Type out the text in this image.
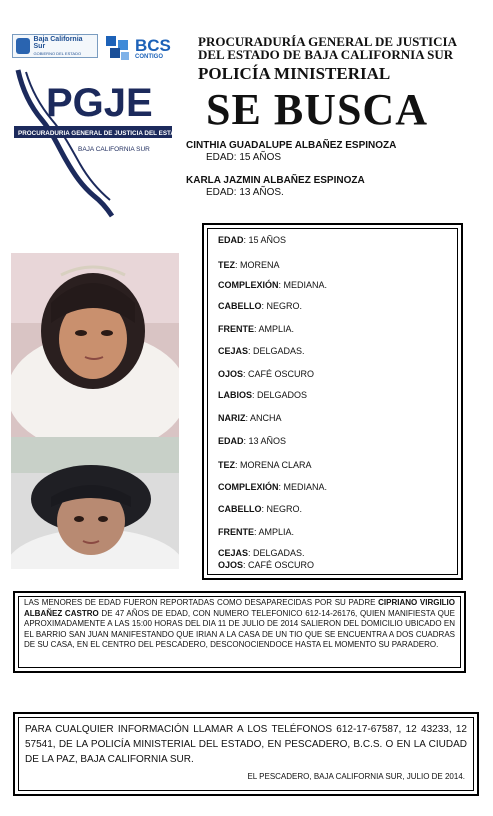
Baja California Sur
GOBIERNO DEL ESTADO	BCS
CONTIGO
PGJE
PROCURADURIA GENERAL DE JUSTICIA DEL ESTADO
BAJA CALIFORNIA SUR
PROCURADURÍA GENERAL DE JUSTICIA
DEL ESTADO DE BAJA CALIFORNIA SUR
POLICÍA MINISTERIAL
SE BUSCA
CINTHIA GUADALUPE ALBAÑEZ ESPINOZA
EDAD: 15 AÑOS
KARLA JAZMIN ALBAÑEZ ESPINOZA
EDAD: 13 AÑOS.
EDAD: 15 AÑOS
TEZ: MORENA
COMPLEXIÓN: MEDIANA.
CABELLO: NEGRO.
FRENTE: AMPLIA.
CEJAS: DELGADAS.
OJOS: CAFÉ OSCURO
LABIOS: DELGADOS
NARIZ: ANCHA
EDAD: 13 AÑOS
TEZ: MORENA CLARA
COMPLEXIÓN: MEDIANA.
CABELLO: NEGRO.
FRENTE: AMPLIA.
CEJAS: DELGADAS.
OJOS: CAFÉ OSCURO
LAS MENORES DE EDAD FUERON REPORTADAS COMO DESAPARECIDAS POR SU PADRE CIPRIANO VIRGILIO ALBAÑEZ CASTRO DE 47 AÑOS DE EDAD, CON NUMERO TELEFONICO 612-14-26176, QUIEN MANIFIESTA QUE APROXIMADAMENTE A LAS 15:00 HORAS DEL DIA 11 DE JULIO DE 2014 SALIERON DEL DOMICILIO UBICADO EN EL BARRIO SAN JUAN MANIFESTANDO QUE IRIAN A LA CASA DE UN TIO QUE SE ENCUENTRA A DOS CUADRAS DE SU CASA, EN EL CENTRO DEL PESCADERO, DESCONOCIENDOCE HASTA EL MOMENTO SU PARADERO.
PARA CUALQUIER INFORMACIÓN LLAMAR A LOS TELÉFONOS 612-17-67587, 12 43233, 12 57541, DE LA POLICÍA MINISTERIAL DEL ESTADO, EN PESCADERO, B.C.S. O EN LA CIUDAD DE LA PAZ, BAJA CALIFORNIA SUR.
EL PESCADERO, BAJA CALIFORNIA SUR, JULIO DE 2014.
